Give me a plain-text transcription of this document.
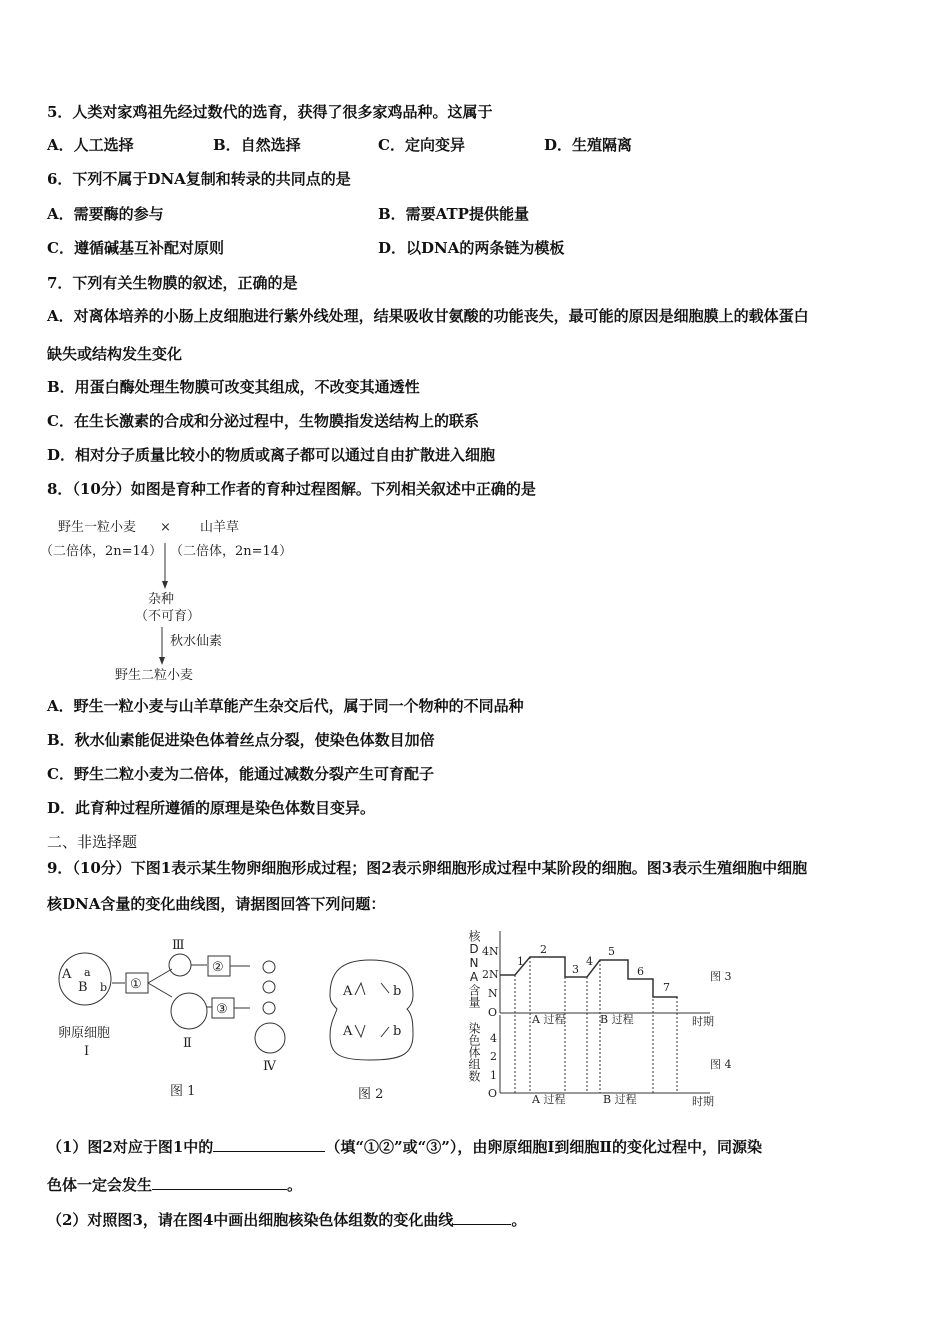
5．人类对家鸡祖先经过数代的选育，获得了很多家鸡品种。这属于
A．人工选择	B．自然选择	C．定向变异	D．生殖隔离
6．下列不属于DNA复制和转录的共同点的是
A．需要酶的参与	B．需要ATP提供能量
C．遵循碱基互补配对原则	D．以DNA的两条链为模板
7．下列有关生物膜的叙述，正确的是
A．对离体培养的小肠上皮细胞进行紫外线处理，结果吸收甘氨酸的功能丧失，最可能的原因是细胞膜上的载体蛋白
缺失或结构发生变化
B．用蛋白酶处理生物膜可改变其组成，不改变其通透性
C．在生长激素的合成和分泌过程中，生物膜指发送结构上的联系
D．相对分子质量比较小的物质或离子都可以通过自由扩散进入细胞
8．（10分）如图是育种工作者的育种过程图解。下列相关叙述中正确的是
野生一粒小麦 × 山羊草
（二倍体，2n=14） （二倍体，2n=14）
杂种
（不可育）
秋水仙素
野生二粒小麦
A．野生一粒小麦与山羊草能产生杂交后代，属于同一个物种的不同品种
B．秋水仙素能促进染色体着丝点分裂，使染色体数目加倍
C．野生二粒小麦为二倍体，能通过减数分裂产生可育配子
D．此育种过程所遵循的原理是染色体数目变异。
二、非选择题
9．（10分）下图1表示某生物卵细胞形成过程；图2表示卵细胞形成过程中某阶段的细胞。图3表示生殖细胞中细胞
核DNA含量的变化曲线图，请据图回答下列问题：
A a
B b ①
Ⅲ
Ⅱ
②
③
Ⅳ
卵原细胞
Ⅰ
图 1
A	b
A	b
图 2
4N
2N
N
O
1
2
3
4
5
6
7
A 过程	B 过程	时期
图 3
4
2
1
O	A 过程	B 过程	时期
图 4
核DNA含量
染色体组数
（1）图2对应于图1中的	（填“①②”或“③”），由卵原细胞Ⅰ到细胞Ⅱ的变化过程中，同源染
色体一定会发生	。
（2）对照图3，请在图4中画出细胞核染色体组数的变化曲线	。
